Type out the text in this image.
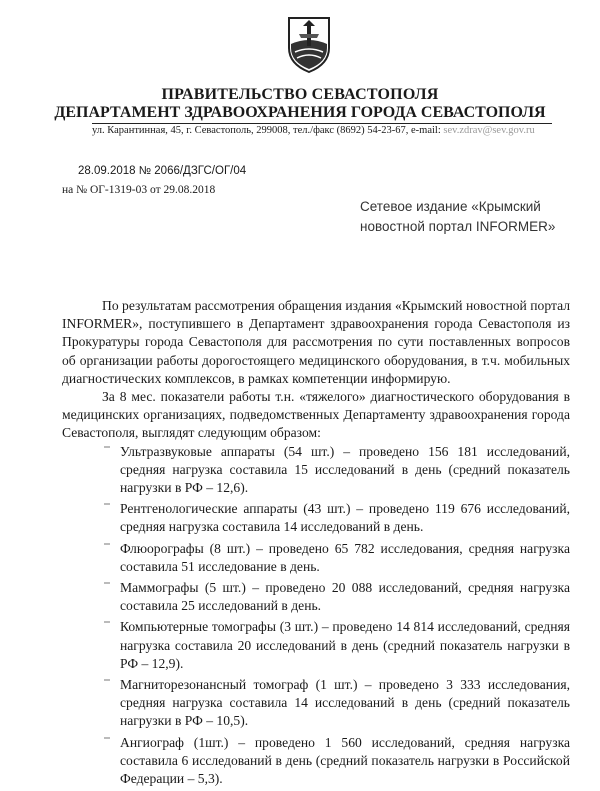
ПРАВИТЕЛЬСТВО СЕВАСТОПОЛЯ
ДЕПАРТАМЕНТ ЗДРАВООХРАНЕНИЯ ГОРОДА СЕВАСТОПОЛЯ
ул. Карантинная, 45, г. Севастополь, 299008, тел./факс (8692) 54-23-67, e-mail: sev.zdrav@sev.gov.ru
28.09.2018 № 2066/ДЗГС/ОГ/04
на № ОГ-1319-03 от 29.08.2018
Сетевое издание «Крымский новостной портал INFORMER»

По результатам рассмотрения обращения издания «Крымский новостной портал INFORMER», поступившего в Департамент здравоохранения города Севастополя из Прокуратуры города Севастополя для рассмотрения по сути поставленных вопросов об организации работы дорогостоящего медицинского оборудования, в т.ч. мобильных диагностических комплексов, в рамках компетенции информирую.

За 8 мес. показатели работы т.н. «тяжелого» диагностического оборудования в медицинских организациях, подведомственных Департаменту здравоохранения города Севастополя, выглядят следующим образом:

⎯ Ультразвуковые аппараты (54 шт.) – проведено 156 181 исследований, средняя нагрузка составила 15 исследований в день (средний показатель нагрузки в РФ – 12,6).
⎯ Рентгенологические аппараты (43 шт.) – проведено 119 676 исследований, средняя нагрузка составила 14 исследований в день.
⎯ Флюорографы (8 шт.) – проведено 65 782 исследования, средняя нагрузка составила 51 исследование в день.
⎯ Маммографы (5 шт.) – проведено 20 088 исследований, средняя нагрузка составила 25 исследований в день.
⎯ Компьютерные томографы (3 шт.) – проведено 14 814 исследований, средняя нагрузка составила 20 исследований в день (средний показатель нагрузки в РФ – 12,9).
⎯ Магниторезонансный томограф (1 шт.) – проведено 3 333 исследования, средняя нагрузка составила 14 исследований в день (средний показатель нагрузки в РФ – 10,5).
⎯ Ангиограф (1шт.) – проведено 1 560 исследований, средняя нагрузка составила 6 исследований в день (средний показатель нагрузки в Российской Федерации – 5,3).
